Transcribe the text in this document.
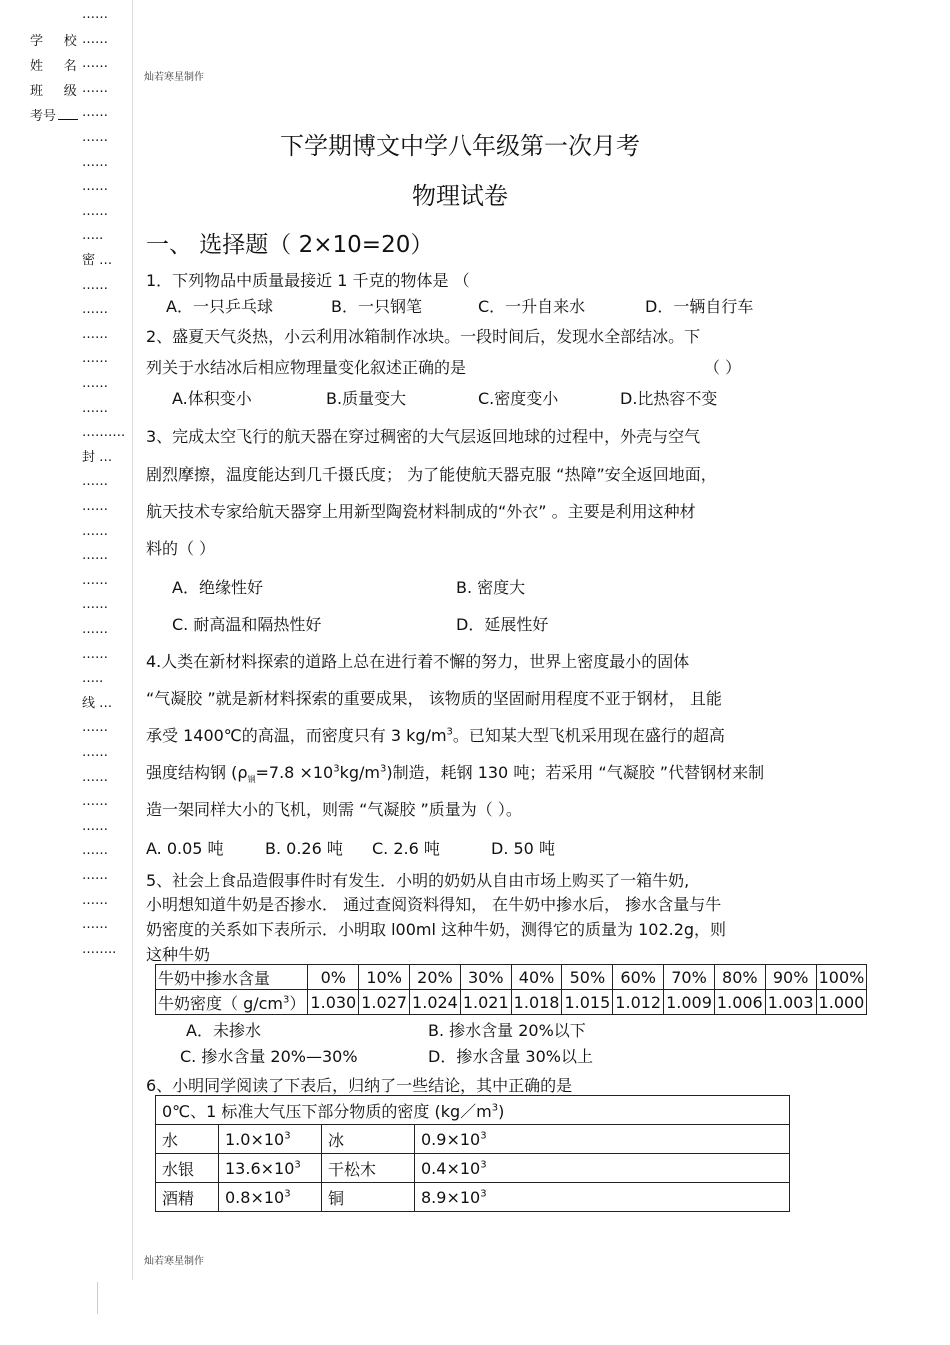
……
……
……
……
……
……
……
……
……
…..
密 …
……
……
……
……
……
……
……….
封 …
……
……
……
……
……
……
……
……
…..
线 …
……
……
……
……
……
……
……
……
……
……..
学 校
姓 名
班 级
考号
灿若寒星制作
灿若寒星制作
下学期博文中学八年级第一次月考
物理试卷
一、 选择题（ 2×10=20）
1．下列物品中质量最接近 1 千克的物体是 （
A．一只乒乓球	B．一只钢笔	C．一升自来水	D．一辆自行车
2、盛夏天气炎热，小云利用冰箱制作冰块。一段时间后，发现水全部结冰。下
列关于水结冰后相应物理量变化叙述正确的是	（ ）
A.体积变小	B.质量变大	C.密度变小	D.比热容不变
3、完成太空飞行的航天器在穿过稠密的大气层返回地球的过程中，外壳与空气
剧烈摩擦，温度能达到几千摄氏度； 为了能使航天器克服 “热障”安全返回地面，
航天技术专家给航天器穿上用新型陶瓷材料制成的“外衣” 。主要是利用这种材
料的（ ）
A．绝缘性好	B. 密度大
C. 耐高温和隔热性好	D．延展性好
4.人类在新材料探索的道路上总在进行着不懈的努力，世界上密度最小的固体
“气凝胶 ”就是新材料探索的重要成果， 该物质的坚固耐用程度不亚于钢材， 且能
承受 1400℃的高温，而密度只有 3 $kg/m^3$。已知某大型飞机采用现在盛行的超高
强度结构钢 $(\rho_钢=7.8 \times 10^3kg/m^3)$制造，耗钢 130 吨；若采用 “气凝胶 ”代替钢材来制
造一架同样大小的飞机，则需 “气凝胶 ”质量为（ ）。
A. 0.05 吨	B. 0.26 吨 C. 2.6 吨	D. 50 吨
5、社会上食品造假事件时有发生．小明的奶奶从自由市场上购买了一箱牛奶,
小明想知道牛奶是否掺水． 通过查阅资料得知， 在牛奶中掺水后， 掺水含量与牛
奶密度的关系如下表所示．小明取 l00ml 这种牛奶，测得它的质量为 102.2g，则
这种牛奶
牛奶中掺水含量	0%	10%	20%	30%	40%	50%	60%	70%	80%	90%	100%
牛奶密度（ $g/cm^3$）	1.030	1.027	1.024	1.021	1.018	1.015	1.012	1.009	1.006	1.003	1.000
A．未掺水	B. 掺水含量 20%以下
C. 掺水含量 20%—30%	D．掺水含量 30%以上
6、小明同学阅读了下表后，归纳了一些结论，其中正确的是
0℃、1 标准大气压下部分物质的密度 $(kg/m^3)$			
水	$1.0\times 10^3$	冰	$0.9\times 10^3$
水银	$13.6\times 10^3$	干松木	$0.4\times 10^3$
酒精	$0.8\times 10^3$	铜	$8.9\times 10^3$
